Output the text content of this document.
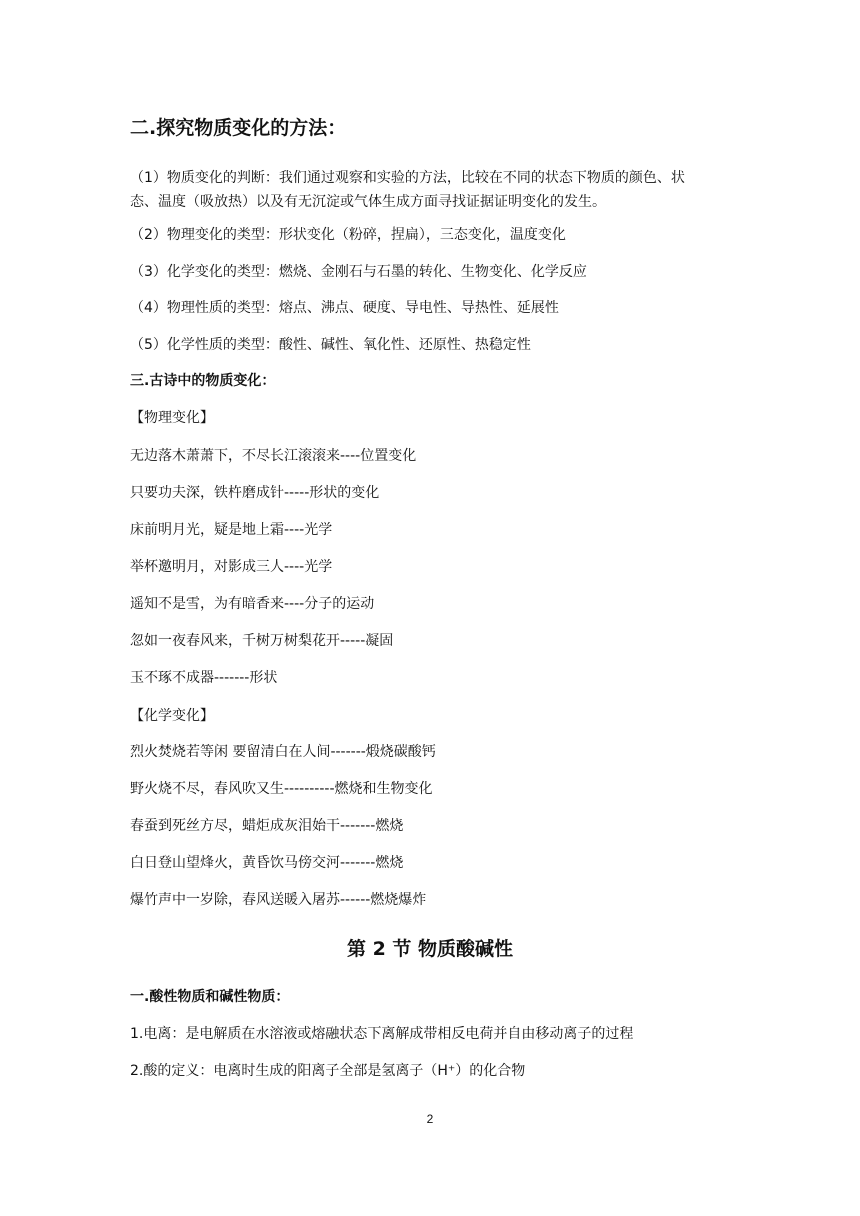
二.探究物质变化的方法：
（1）物质变化的判断：我们通过观察和实验的方法，比较在不同的状态下物质的颜色、状
态、温度（吸放热）以及有无沉淀或气体生成方面寻找证据证明变化的发生。
（2）物理变化的类型：形状变化（粉碎，捏扁），三态变化，温度变化
（3）化学变化的类型：燃烧、金刚石与石墨的转化、生物变化、化学反应
（4）物理性质的类型：熔点、沸点、硬度、导电性、导热性、延展性
（5）化学性质的类型：酸性、碱性、氧化性、还原性、热稳定性
三.古诗中的物质变化：
【物理变化】
无边落木萧萧下，不尽长江滚滚来----位置变化
只要功夫深，铁杵磨成针-----形状的变化
床前明月光，疑是地上霜----光学
举杯邀明月，对影成三人----光学
遥知不是雪，为有暗香来----分子的运动
忽如一夜春风来，千树万树梨花开-----凝固
玉不琢不成器-------形状
【化学变化】
烈火焚烧若等闲 要留清白在人间-------煅烧碳酸钙
野火烧不尽，春风吹又生----------燃烧和生物变化
春蚕到死丝方尽，蜡炬成灰泪始干-------燃烧
白日登山望烽火，黄昏饮马傍交河-------燃烧
爆竹声中一岁除，春风送暖入屠苏------燃烧爆炸
第 2 节 物质酸碱性
一.酸性物质和碱性物质：
1.电离：是电解质在水溶液或熔融状态下离解成带相反电荷并自由移动离子的过程
2.酸的定义：电离时生成的阳离子全部是氢离子（H⁺）的化合物
2
